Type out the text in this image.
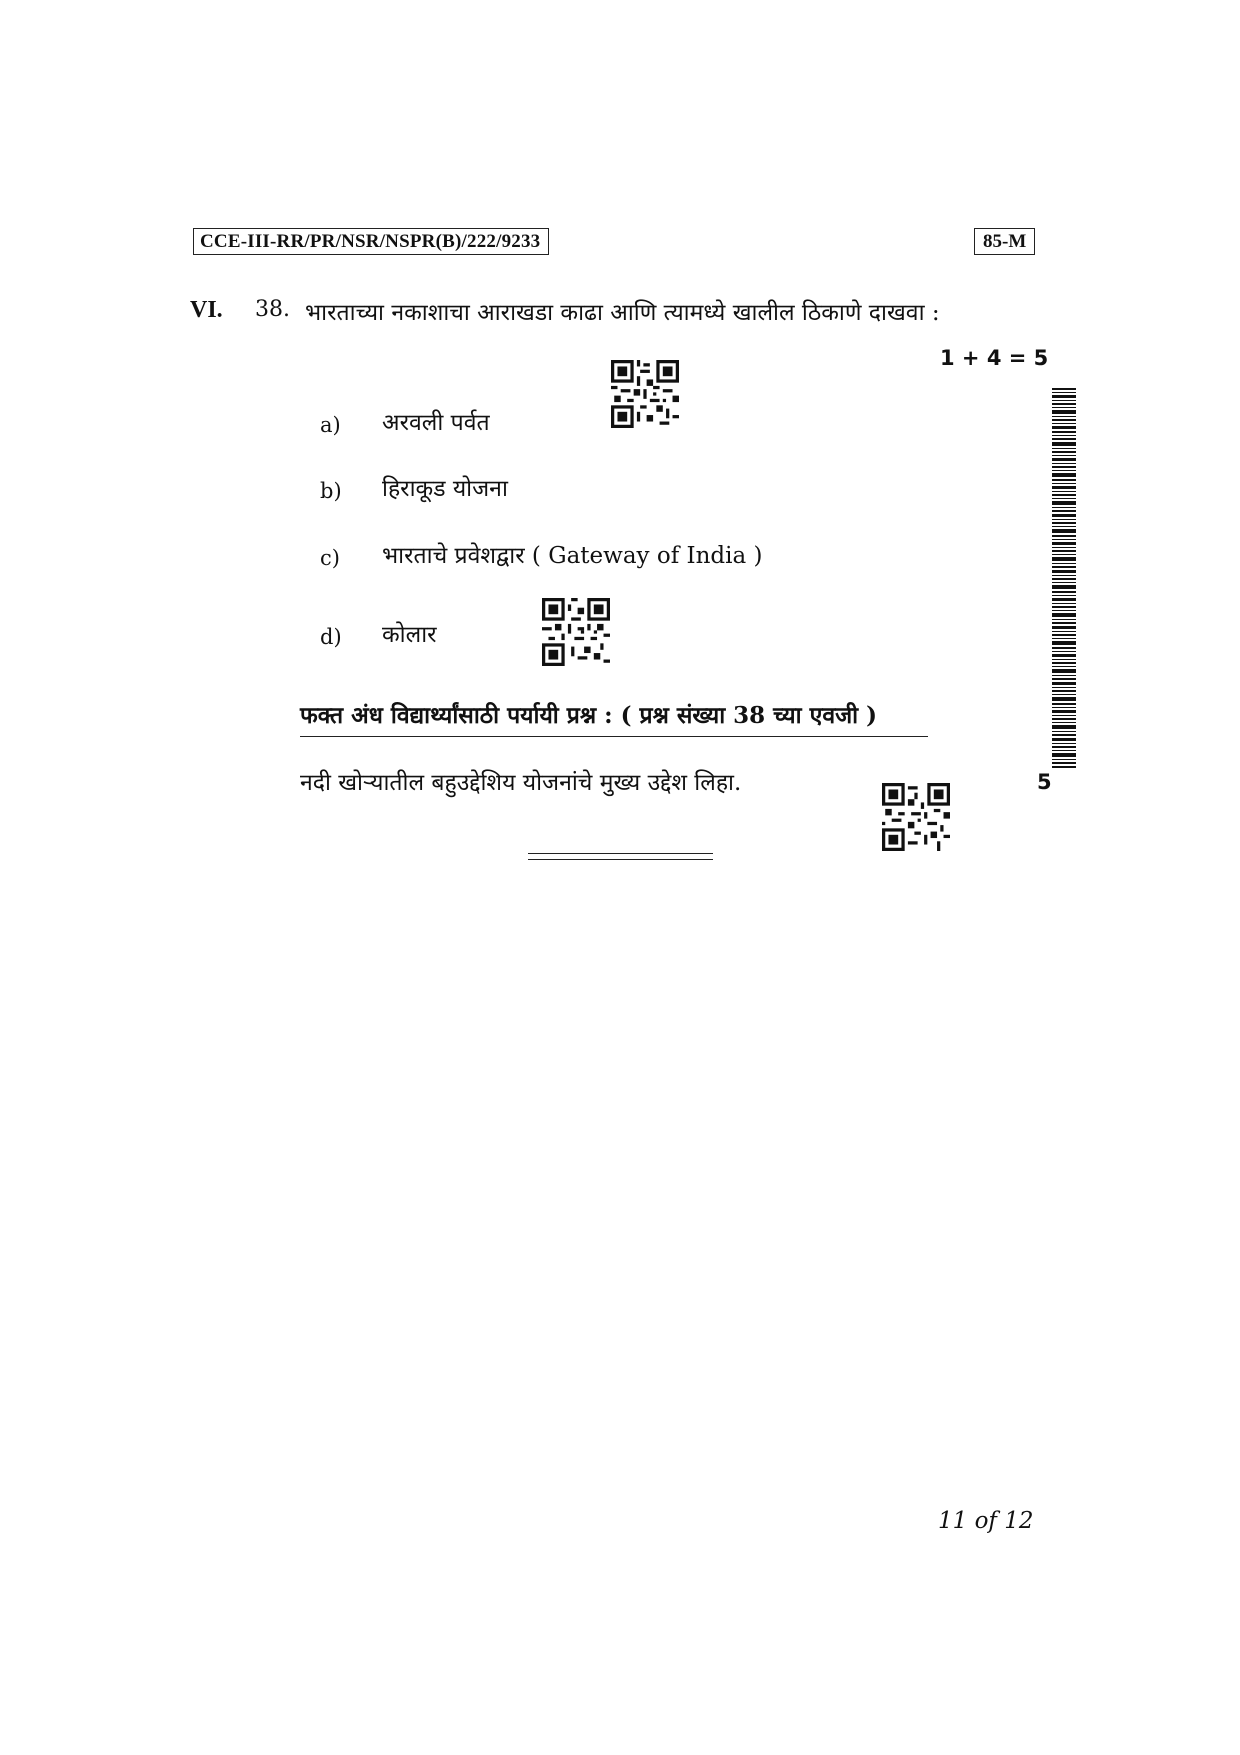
CCE-III-RR/PR/NSR/NSPR(B)/222/9233	85-M
VI. 38. भारताच्या नकाशाचा आराखडा काढा आणि त्यामध्ये खालील ठिकाणे दाखवा :
1 + 4 = 5
a) अरवली पर्वत
b) हिराकूड योजना
c) भारताचे प्रवेशद्वार ( Gateway of India )
d) कोलार
फक्त अंध विद्यार्थ्यांसाठी पर्यायी प्रश्न : ( प्रश्न संख्या 38 च्या एवजी )
नदी खोऱ्यातील बहुउद्देशिय योजनांचे मुख्य उद्देश लिहा.	5
11 of 12
